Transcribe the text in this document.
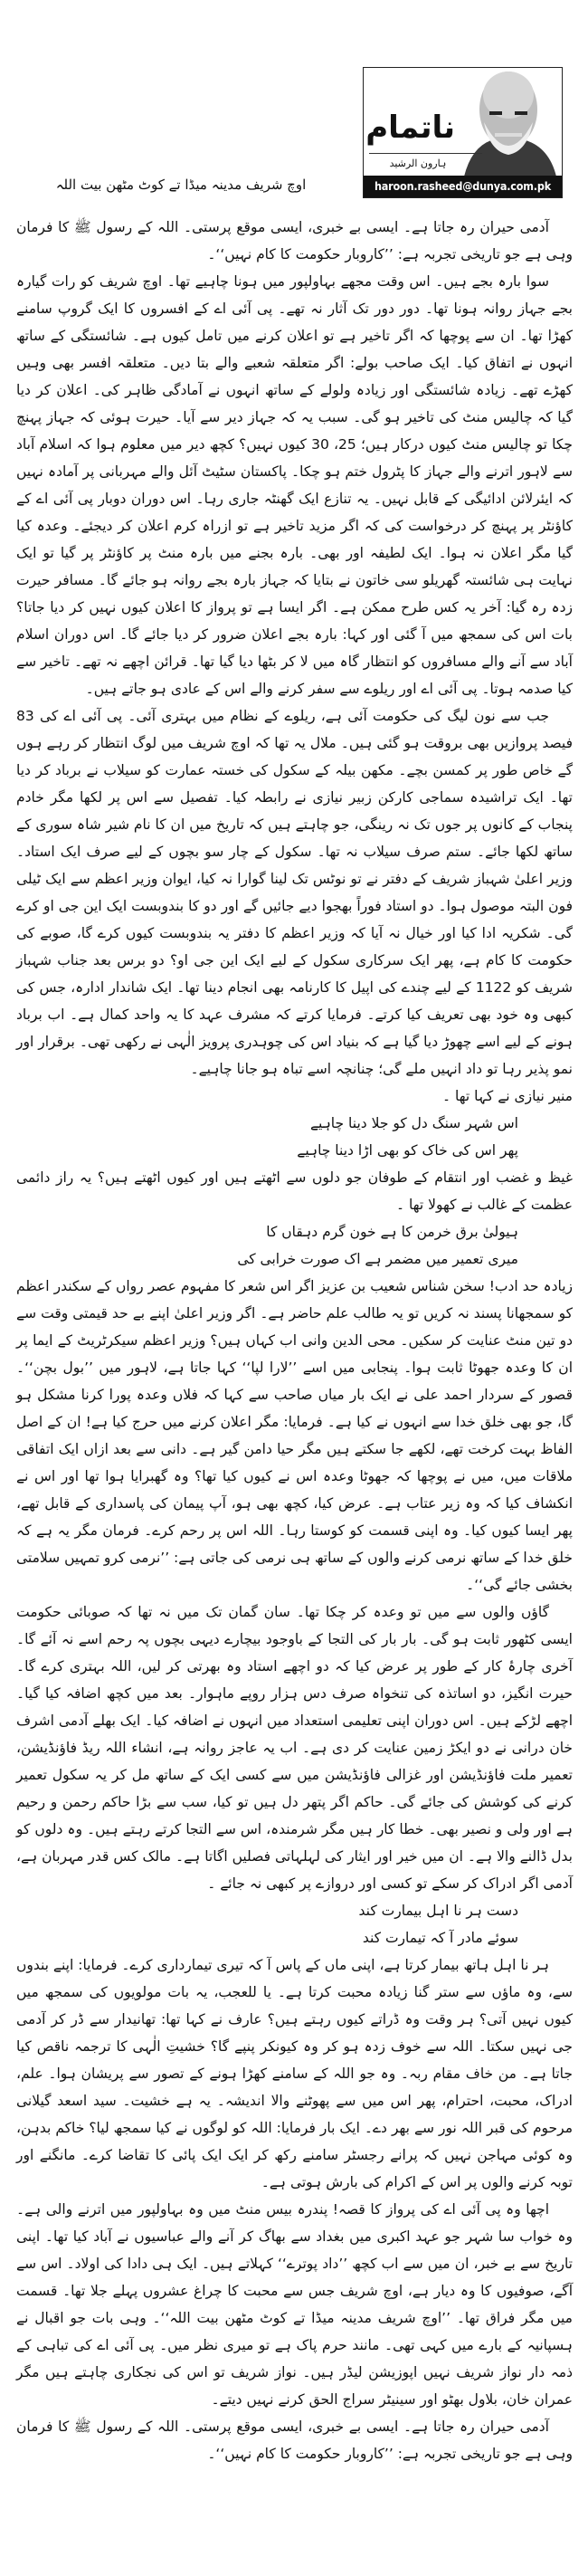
ناتمام
ہارون الرشید
haroon.rasheed@dunya.com.pk
اوچ شریف مدینہ میڈا تے کوٹ مٹھن بیت اللہ

آدمی حیران رہ جاتا ہے۔ ایسی بے خبری، ایسی موقع پرستی۔ اللہ کے رسول ﷺ کا فرمان وہی ہے جو تاریخی تجربہ ہے: ’’کاروبار حکومت کا کام نہیں‘‘۔

سوا بارہ بجے ہیں۔ اس وقت مجھے بہاولپور میں ہونا چاہیے تھا۔ اوچ شریف کو رات گیارہ بجے جہاز روانہ ہونا تھا۔ دور دور تک آثار نہ تھے۔ پی آئی اے کے افسروں کا ایک گروپ سامنے کھڑا تھا۔ ان سے پوچھا کہ اگر تاخیر ہے تو اعلان کرنے میں تامل کیوں ہے۔ شائستگی کے ساتھ انہوں نے اتفاق کیا۔ ایک صاحب بولے: اگر متعلقہ شعبے والے بتا دیں۔ متعلقہ افسر بھی وہیں کھڑے تھے۔ زیادہ شائستگی اور زیادہ ولولے کے ساتھ انہوں نے آمادگی ظاہر کی۔ اعلان کر دیا گیا کہ چالیس منٹ کی تاخیر ہو گی۔ سبب یہ کہ جہاز دیر سے آیا۔ حیرت ہوئی کہ جہاز پہنچ چکا تو چالیس منٹ کیوں درکار ہیں؛ 25، 30 کیوں نہیں؟ کچھ دیر میں معلوم ہوا کہ اسلام آباد سے لاہور اترنے والے جہاز کا پٹرول ختم ہو چکا۔ پاکستان سٹیٹ آئل والے مہربانی پر آمادہ نہیں کہ ایئرلائن ادائیگی کے قابل نہیں۔ یہ تنازع ایک گھنٹہ جاری رہا۔ اس دوران دوبار پی آئی اے کے کاؤنٹر پر پہنچ کر درخواست کی کہ اگر مزید تاخیر ہے تو ازراہ کرم اعلان کر دیجئے۔ وعدہ کیا گیا مگر اعلان نہ ہوا۔ ایک لطیفہ اور بھی۔ بارہ بجنے میں بارہ منٹ پر کاؤنٹر پر گیا تو ایک نہایت ہی شائستہ گھریلو سی خاتون نے بتایا کہ جہاز بارہ بجے روانہ ہو جائے گا۔ مسافر حیرت زدہ رہ گیا: آخر یہ کس طرح ممکن ہے۔ اگر ایسا ہے تو پرواز کا اعلان کیوں نہیں کر دیا جاتا؟ بات اس کی سمجھ میں آ گئی اور کہا: بارہ بجے اعلان ضرور کر دیا جائے گا۔ اس دوران اسلام آباد سے آنے والے مسافروں کو انتظار گاہ میں لا کر بٹھا دیا گیا تھا۔ قرائن اچھے نہ تھے۔ تاخیر سے کیا صدمہ ہوتا۔ پی آئی اے اور ریلوے سے سفر کرنے والے اس کے عادی ہو جاتے ہیں۔

جب سے نون لیگ کی حکومت آئی ہے، ریلوے کے نظام میں بہتری آئی۔ پی آئی اے کی 83 فیصد پروازیں بھی بروقت ہو گئی ہیں۔ ملال یہ تھا کہ اوچ شریف میں لوگ انتظار کر رہے ہوں گے خاص طور پر کمسن بچے۔ مکھن بیلہ کے سکول کی خستہ عمارت کو سیلاب نے برباد کر دیا تھا۔ ایک تراشیدہ سماجی کارکن زبیر نیازی نے رابطہ کیا۔ تفصیل سے اس پر لکھا مگر خادم پنجاب کے کانوں پر جوں تک نہ رینگی، جو چاہتے ہیں کہ تاریخ میں ان کا نام شیر شاہ سوری کے ساتھ لکھا جائے۔ ستم صرف سیلاب نہ تھا۔ سکول کے چار سو بچوں کے لیے صرف ایک استاد۔ وزیر اعلیٰ شہباز شریف کے دفتر نے تو نوٹس تک لینا گوارا نہ کیا، ایوان وزیر اعظم سے ایک ٹیلی فون البتہ موصول ہوا۔ دو استاد فوراً بھجوا دیے جائیں گے اور دو کا بندوبست ایک این جی او کرے گی۔ شکریہ ادا کیا اور خیال نہ آیا کہ وزیر اعظم کا دفتر یہ بندوبست کیوں کرے گا، صوبے کی حکومت کا کام ہے، پھر ایک سرکاری سکول کے لیے ایک این جی او؟ دو برس بعد جناب شہباز شریف کو 1122 کے لیے چندے کی اپیل کا کارنامہ بھی انجام دینا تھا۔ ایک شاندار ادارہ، جس کی کبھی وہ خود بھی تعریف کیا کرتے۔ فرمایا کرتے کہ مشرف عہد کا یہ واحد کمال ہے۔ اب برباد ہونے کے لیے اسے چھوڑ دیا گیا ہے کہ بنیاد اس کی چوہدری پرویز الٰہی نے رکھی تھی۔ برقرار اور نمو پذیر رہا تو داد انہیں ملے گی؛ چنانچہ اسے تباہ ہو جانا چاہیے۔

منیر نیازی نے کہا تھا ۔

اس شہر سنگ دل کو جلا دینا چاہیے

پھر اس کی خاک کو بھی اڑا دینا چاہیے

غیظ و غضب اور انتقام کے طوفان جو دلوں سے اٹھتے ہیں اور کیوں اٹھتے ہیں؟ یہ راز دائمی عظمت کے غالب نے کھولا تھا ۔

ہیولیٰ برق خرمن کا ہے خون گرم دہقاں کا

میری تعمیر میں مضمر ہے اک صورت خرابی کی

زیادہ حد ادب! سخن شناس شعیب بن عزیز اگر اس شعر کا مفہوم عصر رواں کے سکندر اعظم کو سمجھانا پسند نہ کریں تو یہ طالب علم حاضر ہے۔ اگر وزیر اعلیٰ اپنے بے حد قیمتی وقت سے دو تین منٹ عنایت کر سکیں۔ محی الدین وانی اب کہاں ہیں؟ وزیر اعظم سیکرٹریٹ کے ایما پر ان کا وعدہ جھوٹا ثابت ہوا۔ پنجابی میں اسے ’’لارا لپا‘‘ کہا جاتا ہے، لاہور میں ’’بول بچن‘‘۔ قصور کے سردار احمد علی نے ایک بار میاں صاحب سے کہا کہ فلاں وعدہ پورا کرنا مشکل ہو گا، جو بھی خلق خدا سے انہوں نے کیا ہے۔ فرمایا: مگر اعلان کرنے میں حرج کیا ہے! ان کے اصل الفاظ بہت کرخت تھے، لکھے جا سکتے ہیں مگر حیا دامن گیر ہے۔ دانی سے بعد ازاں ایک اتفاقی ملاقات میں، میں نے پوچھا کہ جھوٹا وعدہ اس نے کیوں کیا تھا؟ وہ گھبرایا ہوا تھا اور اس نے انکشاف کیا کہ وہ زیر عتاب ہے۔ عرض کیا، کچھ بھی ہو، آپ پیمان کی پاسداری کے قابل تھے، پھر ایسا کیوں کیا۔ وہ اپنی قسمت کو کوستا رہا۔ اللہ اس پر رحم کرے۔ فرمان مگر یہ ہے کہ خلق خدا کے ساتھ نرمی کرنے والوں کے ساتھ ہی نرمی کی جاتی ہے: ’’نرمی کرو تمہیں سلامتی بخشی جائے گی‘‘۔

گاؤں والوں سے میں تو وعدہ کر چکا تھا۔ سان گمان تک میں نہ تھا کہ صوبائی حکومت ایسی کٹھور ثابت ہو گی۔ بار بار کی التجا کے باوجود بیچارے دیہی بچوں پہ رحم اسے نہ آئے گا۔ آخری چارۂ کار کے طور پر عرض کیا کہ دو اچھے استاد وہ بھرتی کر لیں، اللہ بہتری کرے گا۔ حیرت انگیز، دو اساتذہ کی تنخواہ صرف دس ہزار روپے ماہوار۔ بعد میں کچھ اضافہ کیا گیا۔ اچھے لڑکے ہیں۔ اس دوران اپنی تعلیمی استعداد میں انہوں نے اضافہ کیا۔ ایک بھلے آدمی اشرف خان درانی نے دو ایکڑ زمین عنایت کر دی ہے۔ اب یہ عاجز روانہ ہے، انشاء اللہ ریڈ فاؤنڈیشن، تعمیر ملت فاؤنڈیشن اور غزالی فاؤنڈیشن میں سے کسی ایک کے ساتھ مل کر یہ سکول تعمیر کرنے کی کوشش کی جائے گی۔ حاکم اگر پتھر دل ہیں تو کیا، سب سے بڑا حاکم رحمن و رحیم ہے اور ولی و نصیر بھی۔ خطا کار ہیں مگر شرمندہ، اس سے التجا کرتے رہتے ہیں۔ وہ دلوں کو بدل ڈالنے والا ہے۔ ان میں خیر اور ایثار کی لہلہاتی فصلیں اگاتا ہے۔ مالک کس قدر مہربان ہے، آدمی اگر ادراک کر سکے تو کسی اور دروازے پر کبھی نہ جائے ۔

دست ہر نا اہل بیمارت کند

سوئے مادر آ کہ تیمارت کند

ہر نا اہل ہاتھ بیمار کرتا ہے، اپنی ماں کے پاس آ کہ تیری تیمارداری کرے۔ فرمایا: اپنے بندوں سے، وہ ماؤں سے ستر گنا زیادہ محبت کرتا ہے۔ یا للعجب، یہ بات مولویوں کی سمجھ میں کیوں نہیں آتی؟ ہر وقت وہ ڈراتے کیوں رہتے ہیں؟ عارف نے کہا تھا: تھانیدار سے ڈر کر آدمی جی نہیں سکتا۔ اللہ سے خوف زدہ ہو کر وہ کیونکر پنپے گا؟ خشیتِ الٰہی کا ترجمہ ناقص کیا جاتا ہے۔ من خاف مقام ربہ۔ وہ جو اللہ کے سامنے کھڑا ہونے کے تصور سے پریشان ہوا۔ علم، ادراک، محبت، احترام، پھر اس میں سے پھوٹنے والا اندیشہ۔ یہ ہے خشیت۔ سید اسعد گیلانی مرحوم کی قبر اللہ نور سے بھر دے۔ ایک بار فرمایا: اللہ کو لوگوں نے کیا سمجھ لیا؟ خاکم بدہن، وہ کوئی مہاجن نہیں کہ پرانے رجسٹر سامنے رکھ کر ایک ایک پائی کا تقاضا کرے۔ مانگنے اور توبہ کرنے والوں پر اس کے اکرام کی بارش ہوتی ہے۔

اچھا وہ پی آئی اے کی پرواز کا قصہ! پندرہ بیس منٹ میں وہ بہاولپور میں اترنے والی ہے۔ وہ خواب سا شہر جو عہد اکبری میں بغداد سے بھاگ کر آنے والے عباسیوں نے آباد کیا تھا۔ اپنی تاریخ سے بے خبر، ان میں سے اب کچھ ’’داد پوترے‘‘ کہلاتے ہیں۔ ایک ہی دادا کی اولاد۔ اس سے آگے، صوفیوں کا وہ دیار ہے، اوچ شریف جس سے محبت کا چراغ عشروں پہلے جلا تھا۔ قسمت میں مگر فراق تھا۔ ’’اوچ شریف مدینہ میڈا تے کوٹ مٹھن بیت اللہ‘‘۔ وہی بات جو اقبال نے ہسپانیہ کے بارے میں کہی تھی۔ مانند حرم پاک ہے تو میری نظر میں۔ پی آئی اے کی تباہی کے ذمہ دار نواز شریف نہیں اپوزیشن لیڈر ہیں۔ نواز شریف تو اس کی نجکاری چاہتے ہیں مگر عمران خان، بلاول بھٹو اور سینیٹر سراج الحق کرنے نہیں دیتے۔

آدمی حیران رہ جاتا ہے۔ ایسی بے خبری، ایسی موقع پرستی۔ اللہ کے رسول ﷺ کا فرمان وہی ہے جو تاریخی تجربہ ہے: ’’کاروبار حکومت کا کام نہیں‘‘۔
